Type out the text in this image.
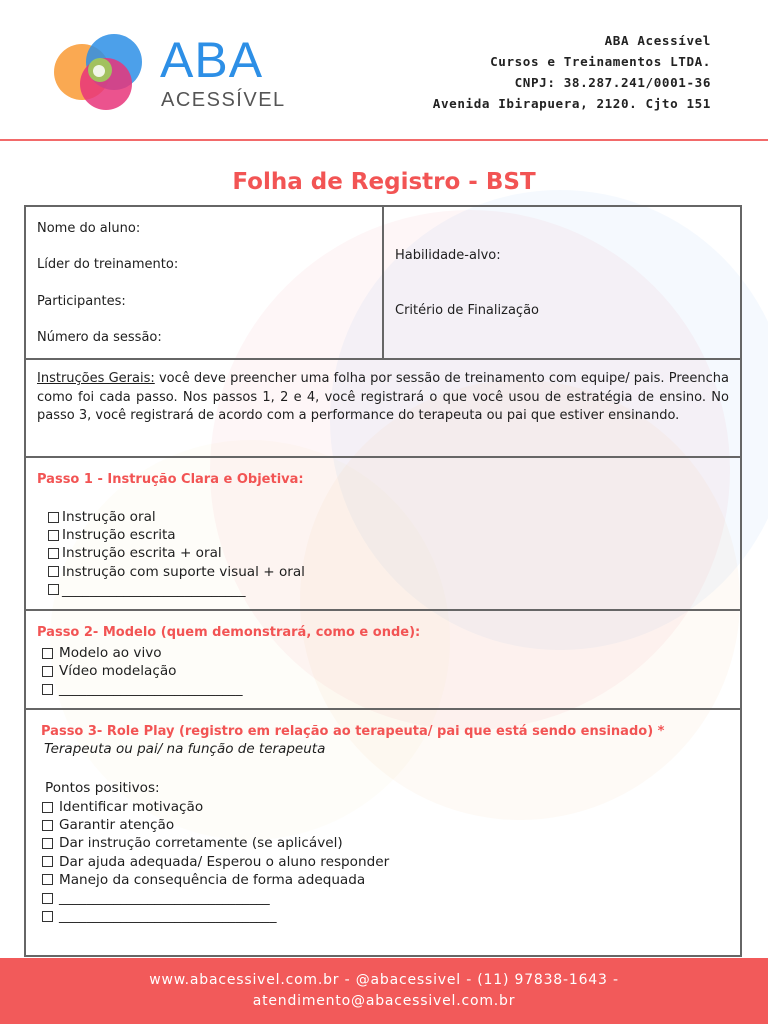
ABA
ACESSÍVEL
ABA Acessível
Cursos e Treinamentos LTDA.
CNPJ: 38.287.241/0001-36
Avenida Ibirapuera, 2120. Cjto 151
Folha de Registro - BST
Nome do aluno:
Líder do treinamento:
Participantes:
Número da sessão:
Habilidade-alvo:
Critério de Finalização
Instruções Gerais: você deve preencher uma folha por sessão de treinamento com equipe/ pais. Preencha como foi cada passo. Nos passos 1, 2 e 4, você registrará o que você usou de estratégia de ensino. No passo 3, você registrará de acordo com a performance do terapeuta ou pai que estiver ensinando.
Passo 1 - Instrução Clara e Objetiva:
Instrução oral
Instrução escrita
Instrução escrita + oral
Instrução com suporte visual + oral
___________________________
Passo 2- Modelo (quem demonstrará, como e onde):
Modelo ao vivo
Vídeo modelação
___________________________
Passo 3- Role Play (registro em relação ao terapeuta/ pai que está sendo ensinado) *
Terapeuta ou pai/ na função de terapeuta
Pontos positivos:
Identificar motivação
Garantir atenção
Dar instrução corretamente (se aplicável)
Dar ajuda adequada/ Esperou o aluno responder
Manejo da consequência de forma adequada
_______________________________
________________________________
www.abacessivel.com.br - @abacessivel - (11) 97838-1643 -
atendimento@abacessivel.com.br
